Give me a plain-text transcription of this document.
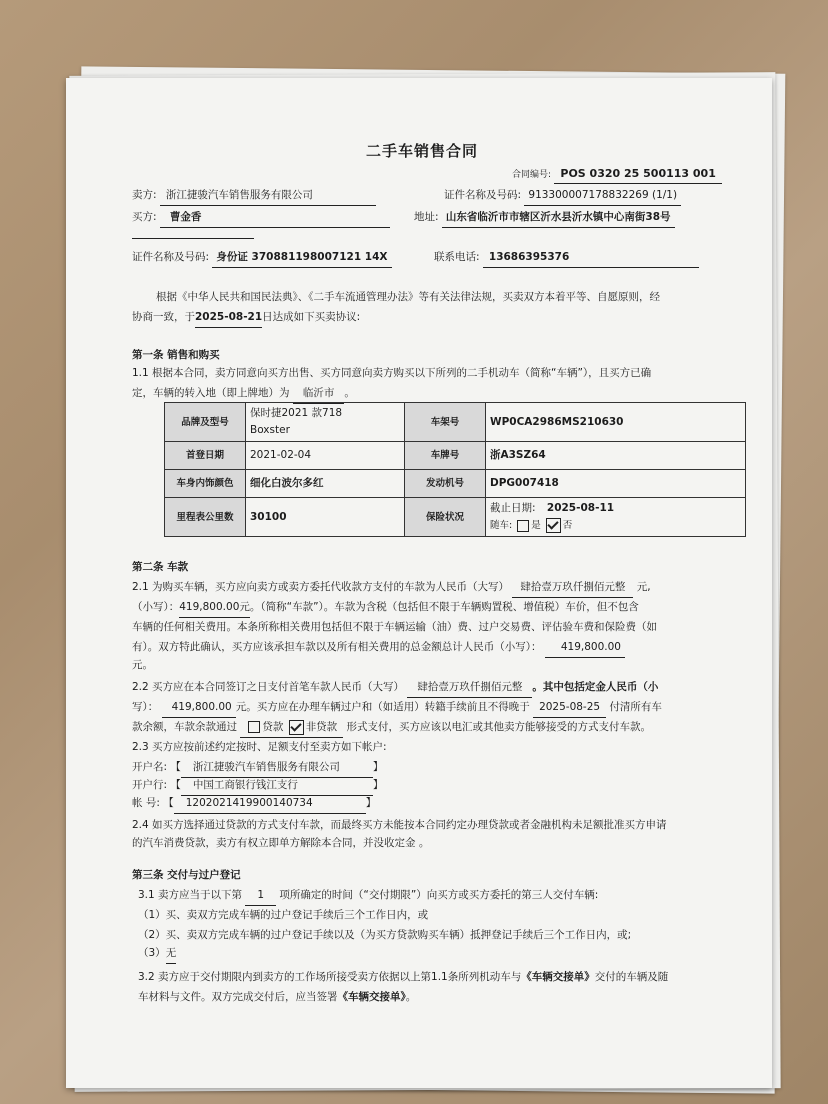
二手车销售合同
合同编号: POS 0320 25 500113 001
卖方: 浙江捷骏汽车销售服务有限公司	证件名称及号码: 913300007178832269 (1/1)
买方: 曹金香	地址: 山东省临沂市市辖区沂水县沂水镇中心南街38号
证件名称及号码: 身份证 370881198007121 14X	联系电话: 13686395376
根据《中华人民共和国民法典》、《二手车流通管理办法》等有关法律法规，买卖双方本着平等、自愿原则，经
协商一致，于2025-08-21日达成如下买卖协议:
第一条 销售和购买
1.1 根据本合同，卖方同意向买方出售、买方同意向卖方购买以下所列的二手机动车（简称“车辆”），且买方已确
定，车辆的转入地（即上牌地）为 临沂市 。
品牌及型号	保时捷2021 款718
Boxster	车架号	WP0CA2986MS210630
首登日期	2021-02-04	车牌号	浙A3SZ64
车身内饰颜色	细化白波尔多红	发动机号	DPG007418
里程表公里数	30100	保险状况	截止日期: 2025-08-11
随车: 是 否
第二条 车款
2.1 为购买车辆，买方应向卖方或卖方委托代收款方支付的车款为人民币（大写） 肆拾壹万玖仟捌佰元整 元,
（小写）：419,800.00元。（简称“车款”）。车款为含税（包括但不限于车辆购置税、增值税）车价，但不包含
车辆的任何相关费用。本条所称相关费用包括但不限于车辆运输（油）费、过户交易费、评估验车费和保险费（如
有）。双方特此确认，买方应该承担车款以及所有相关费用的总金额总计人民币（小写）： 419,800.00
元。
2.2 买方应在本合同签订之日支付首笔车款人民币（大写） 肆拾壹万玖仟捌佰元整 。其中包括定金人民币（小
写）： 419,800.00 元。买方应在办理车辆过户和（如适用）转籍手续前且不得晚于 2025-08-25 付清所有车
款余额，车款余款通过 贷款 非贷款 形式支付，买方应该以电汇或其他卖方能够接受的方式支付车款。
2.3 买方应按前述约定按时、足额支付至卖方如下帐户:
开户名: 【 浙江捷骏汽车销售服务有限公司	】
开户行: 【 中国工商银行钱江支行	】
帐 号: 【 1202021419900140734	】
2.4 如买方选择通过贷款的方式支付车款，而最终买方未能按本合同约定办理贷款或者金融机构未足额批准买方申请
的汽车消费贷款，卖方有权立即单方解除本合同，并没收定金 。
第三条 交付与过户登记
3.1 卖方应当于以下第 1 项所确定的时间（“交付期限”）向买方或买方委托的第三人交付车辆:
（1）买、卖双方完成车辆的过户登记手续后三个工作日内，或
（2）买、卖双方完成车辆的过户登记手续以及（为买方贷款购买车辆）抵押登记手续后三个工作日内，或;
（3）无
3.2 卖方应于交付期限内到卖方的工作场所接受卖方依据以上第1.1条所列机动车与《车辆交接单》交付的车辆及随
车材料与文件。双方完成交付后，应当签署《车辆交接单》。
